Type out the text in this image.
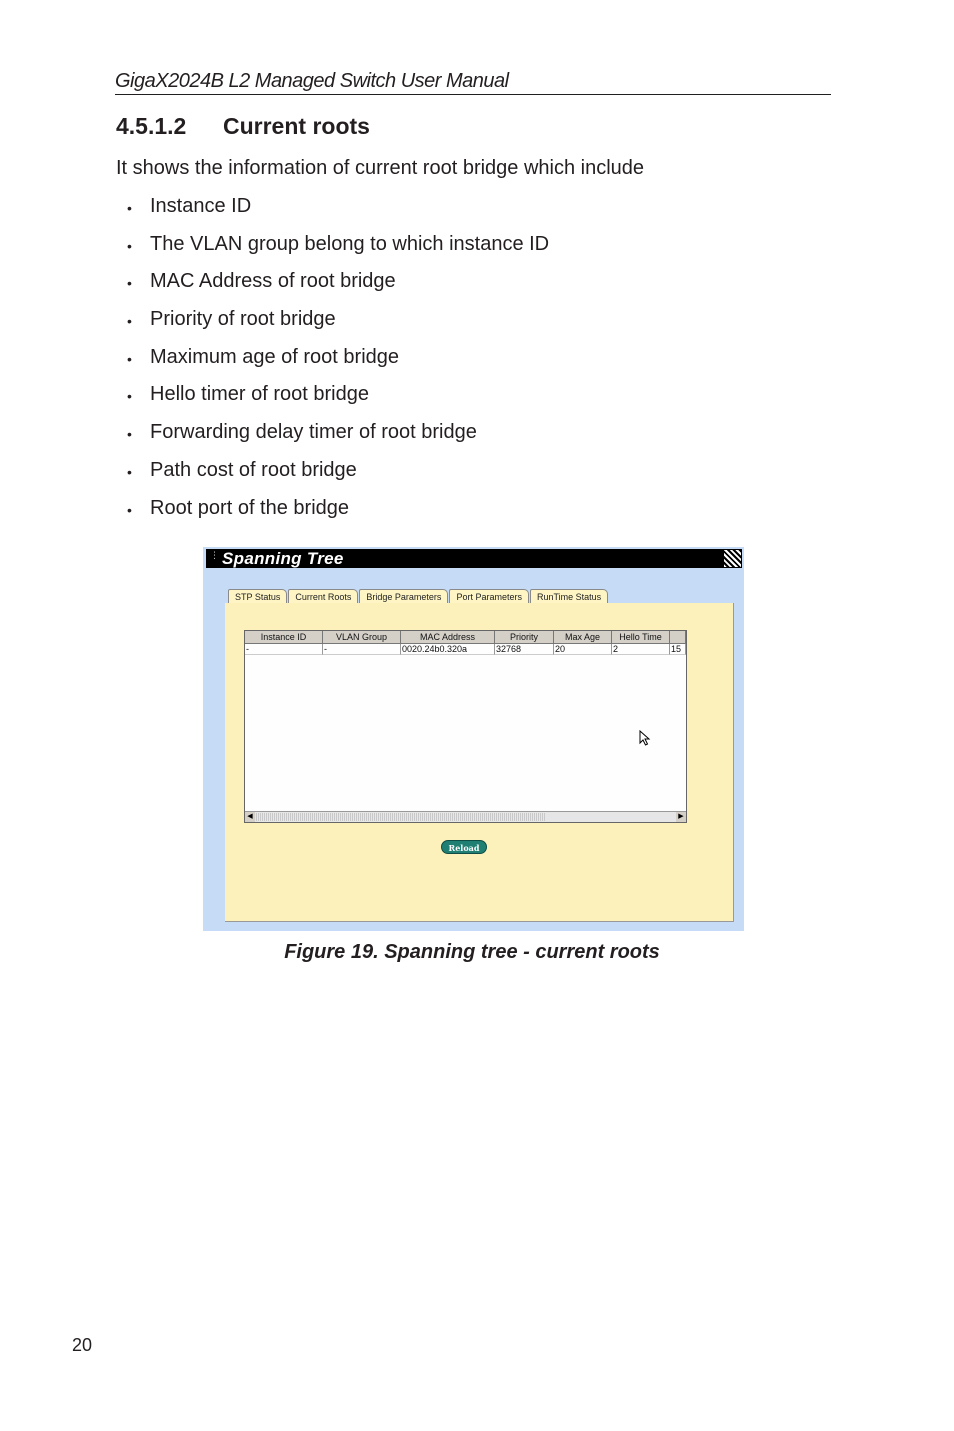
GigaX2024B L2 Managed Switch User Manual
4.5.1.2 Current roots
It shows the information of current root bridge which include
• Instance ID
• The VLAN group belong to which instance ID
• MAC Address of root bridge
• Priority of root bridge
• Maximum age of root bridge
• Hello timer of root bridge
• Forwarding delay timer of root bridge
• Path cost of root bridge
• Root port of the bridge
⋮ Spanning Tree
STP Status	Current Roots	Bridge Parameters	Port Parameters	RunTime Status
Instance ID	VLAN Group	MAC Address	Priority	Max Age	Hello Time
-	-	0020.24b0.320a	32768	20	2	15
◀	▶
Reload
Figure 19. Spanning tree - current roots
20
